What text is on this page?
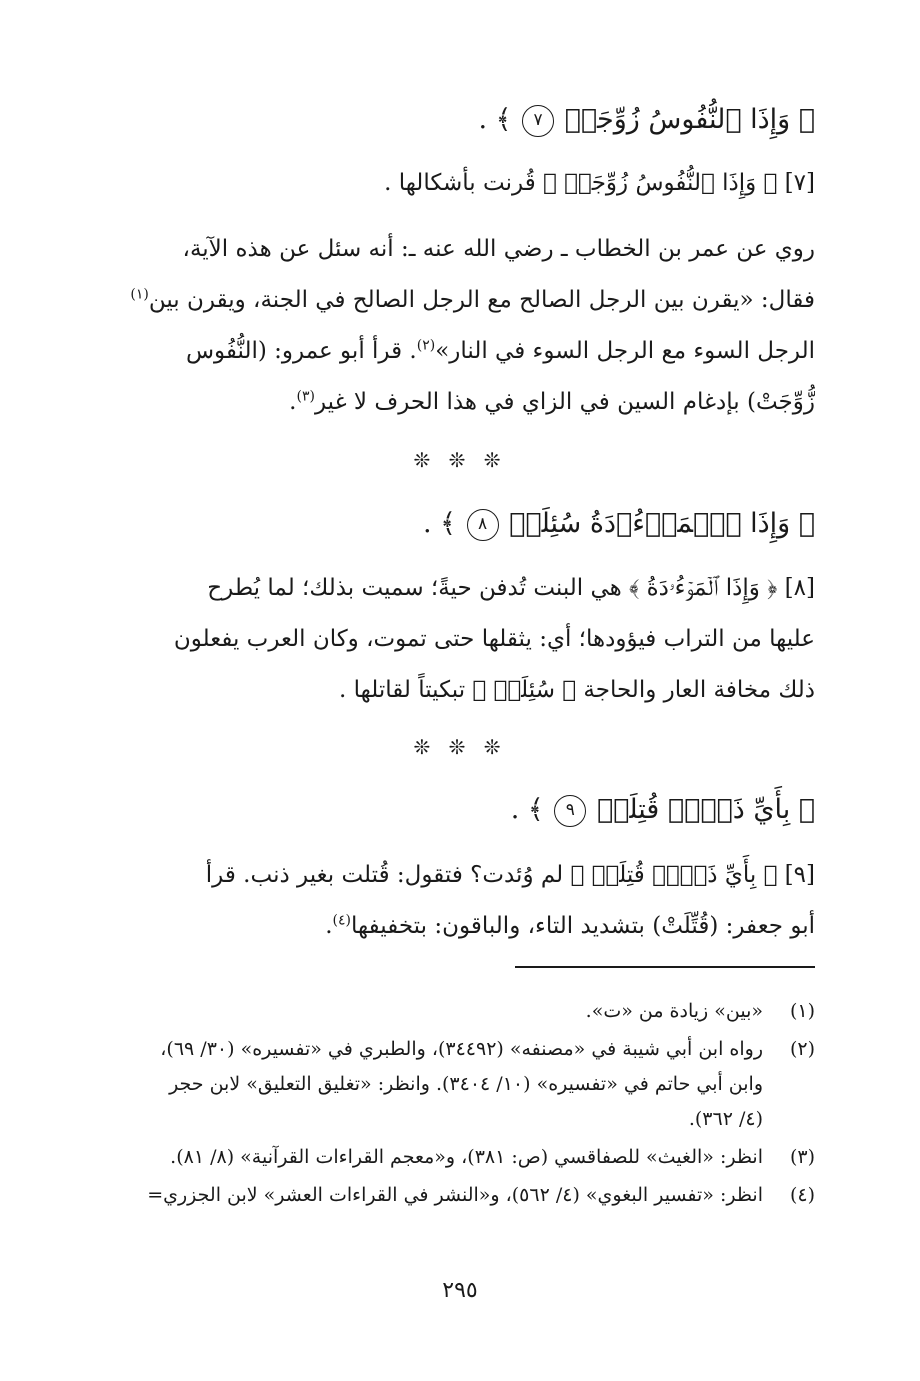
﴿ وَإِذَا ٱلنُّفُوسُ زُوِّجَتۡ ٧ ﴾ .
[٧] ﴿ وَإِذَا ٱلنُّفُوسُ زُوِّجَتۡ ﴾ قُرنت بأشكالها .
روي عن عمر بن الخطاب ـ رضي الله عنه ـ: أنه سئل عن هذه الآية،
فقال: «يقرن بين الرجل الصالح مع الرجل الصالح في الجنة، ويقرن بين$^{(١)}$
الرجل السوء مع الرجل السوء في النار»$^{(٢)}$. قرأ أبو عمرو: (النُّفُوس
زُّوِّجَتْ) بإدغام السين في الزاي في هذا الحرف لا غير$^{(٣)}$.
❊ ❊ ❊
﴿ وَإِذَا ٱلۡمَوۡءُۥدَةُ سُئِلَتۡ ٨ ﴾ .
[٨] ﴿ وَإِذَا ٱلۡمَوۡءُۥدَةُ ﴾ هي البنت تُدفن حيةً؛ سميت بذلك؛ لما يُطرح
عليها من التراب فيؤودها؛ أي: يثقلها حتى تموت، وكان العرب يفعلون
ذلك مخافة العار والحاجة ﴿ سُئِلَتۡ ﴾ تبكيتاً لقاتلها .
❊ ❊ ❊
﴿ بِأَيِّ ذَنۢبٖ قُتِلَتۡ ٩ ﴾ .
[٩] ﴿ بِأَيِّ ذَنۢبٖ قُتِلَتۡ ﴾ لم وُئدت؟ فتقول: قُتلت بغير ذنب. قرأ
أبو جعفر: (قُتِّلَتْ) بتشديد التاء، والباقون: بتخفيفها$^{(٤)}$.
(١)
«بين» زيادة من «ت».
(٢)
رواه ابن أبي شيبة في «مصنفه» (٣٤٤٩٢)، والطبري في «تفسيره» (٣٠/ ٦٩)،
وابن أبي حاتم في «تفسيره» (١٠/ ٣٤٠٤). وانظر: «تغليق التعليق» لابن حجر
(٤/ ٣٦٢).
(٣)
انظر: «الغيث» للصفاقسي (ص: ٣٨١)، و«معجم القراءات القرآنية» (٨/ ٨١).
(٤)
انظر: «تفسير البغوي» (٤/ ٥٦٢)، و«النشر في القراءات العشر» لابن الجزري=
٢٩٥
